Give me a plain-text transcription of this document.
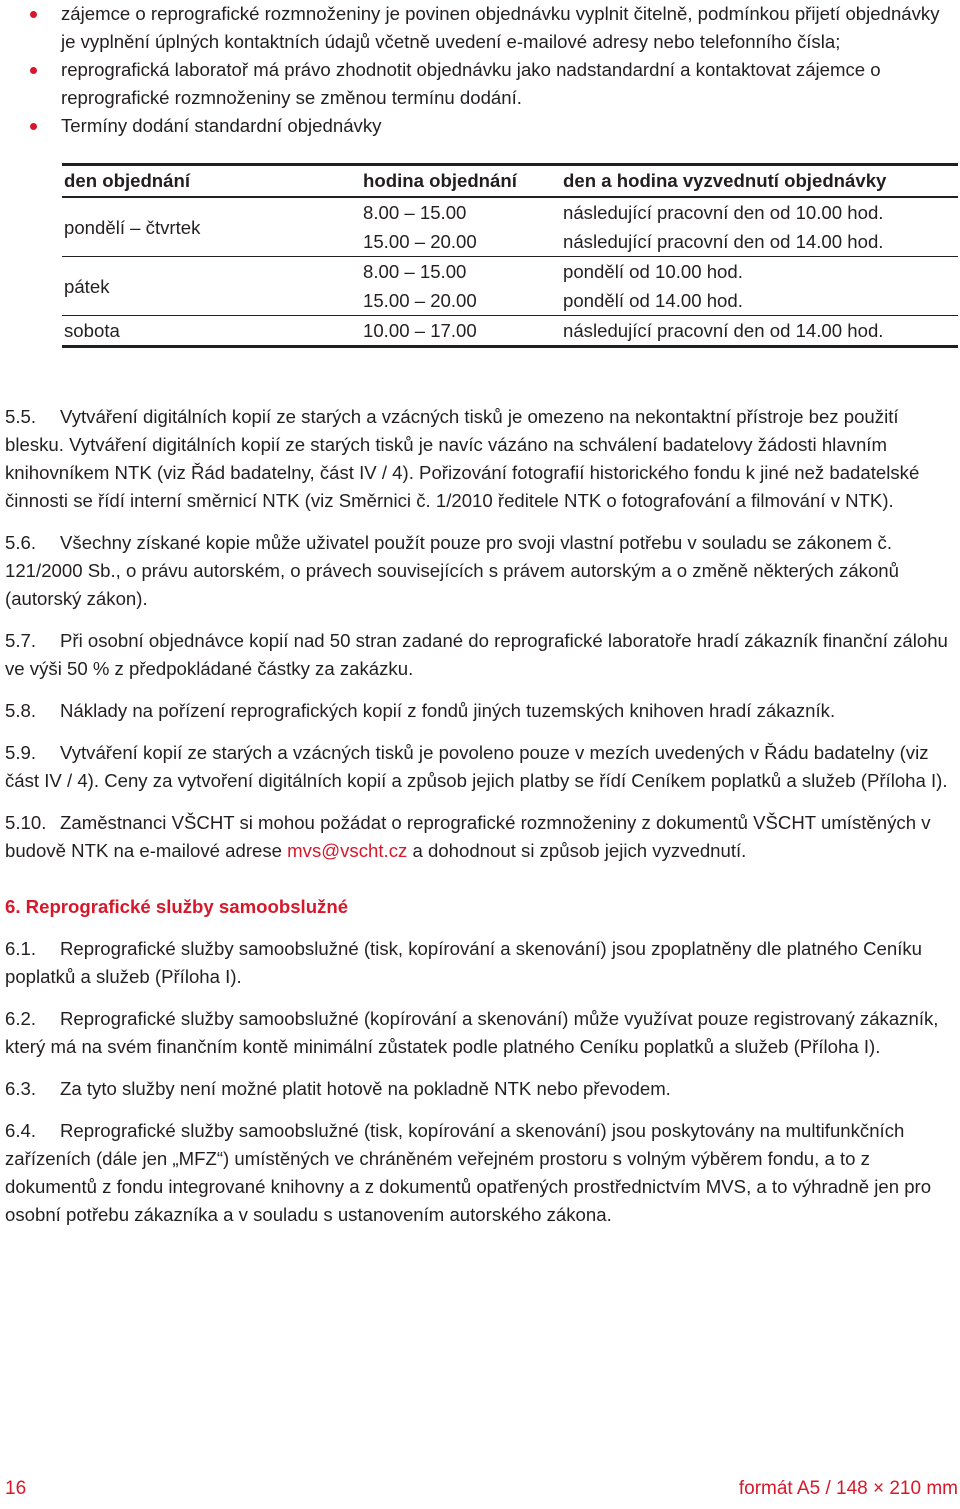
zájemce o reprografické rozmnoženiny je povinen objednávku vyplnit čitelně, podmínkou přijetí objednávky je vyplnění úplných kontaktních údajů včetně uvedení e-mailové adresy nebo telefonního čísla;
reprografická laboratoř má právo zhodnotit objednávku jako nadstandardní a kontaktovat zájemce o reprografické rozmnoženiny se změnou termínu dodání.
Termíny dodání standardní objednávky
den objednání	hodina objednání	den a hodina vyzvednutí objednávky
pondělí – čtvrtek	8.00 – 15.00	následující pracovní den od 10.00 hod.
	15.00 – 20.00	následující pracovní den od 14.00 hod.
pátek	8.00 – 15.00	pondělí od 10.00 hod.
	15.00 – 20.00	pondělí od 14.00 hod.
sobota	10.00 – 17.00	následující pracovní den od 14.00 hod.

5.5. Vytváření digitálních kopií ze starých a vzácných tisků je omezeno na nekontaktní přístroje bez použití blesku. Vytváření digitálních kopií ze starých tisků je navíc vázáno na schválení badatelovy žádosti hlavním knihovníkem NTK (viz Řád badatelny, část IV / 4). Pořizování fotografií historického fondu k jiné než badatelské činnosti se řídí interní směrnicí NTK (viz Směrnici č. 1/2010 ředitele NTK o fotografování a filmování v NTK).

5.6. Všechny získané kopie může uživatel použít pouze pro svoji vlastní potřebu v souladu se zákonem č. 121/2000 Sb., o právu autorském, o právech souvisejících s právem autorským a o změně některých zákonů (autorský zákon).

5.7. Při osobní objednávce kopií nad 50 stran zadané do reprografické laboratoře hradí zákazník finanční zálohu ve výši 50 % z předpokládané částky za zakázku.

5.8. Náklady na pořízení reprografických kopií z fondů jiných tuzemských knihoven hradí zákazník.

5.9. Vytváření kopií ze starých a vzácných tisků je povoleno pouze v mezích uvedených v Řádu badatelny (viz část IV / 4). Ceny za vytvoření digitálních kopií a způsob jejich platby se řídí Ceníkem poplatků a služeb (Příloha I).

5.10. Zaměstnanci VŠCHT si mohou požádat o reprografické rozmnoženiny z dokumentů VŠCHT umístěných v budově NTK na e-mailové adrese mvs@vscht.cz a dohodnout si způsob jejich vyzvednutí.

6. Reprografické služby samoobslužné

6.1. Reprografické služby samoobslužné (tisk, kopírování a skenování) jsou zpoplatněny dle platného Ceníku poplatků a služeb (Příloha I).

6.2. Reprografické služby samoobslužné (kopírování a skenování) může využívat pouze registrovaný zákazník, který má na svém finančním kontě minimální zůstatek podle platného Ceníku poplatků a služeb (Příloha I).

6.3. Za tyto služby není možné platit hotově na pokladně NTK nebo převodem.

6.4. Reprografické služby samoobslužné (tisk, kopírování a skenování) jsou poskytovány na multifunkčních zařízeních (dále jen „MFZ“) umístěných ve chráněném veřejném prostoru s volným výběrem fondu, a to z dokumentů z fondu integrované knihovny a z dokumentů opatřených prostřednictvím MVS, a to výhradně jen pro osobní potřebu zákazníka a v souladu s ustanovením autorského zákona.

16	formát A5 / 148 × 210 mm
